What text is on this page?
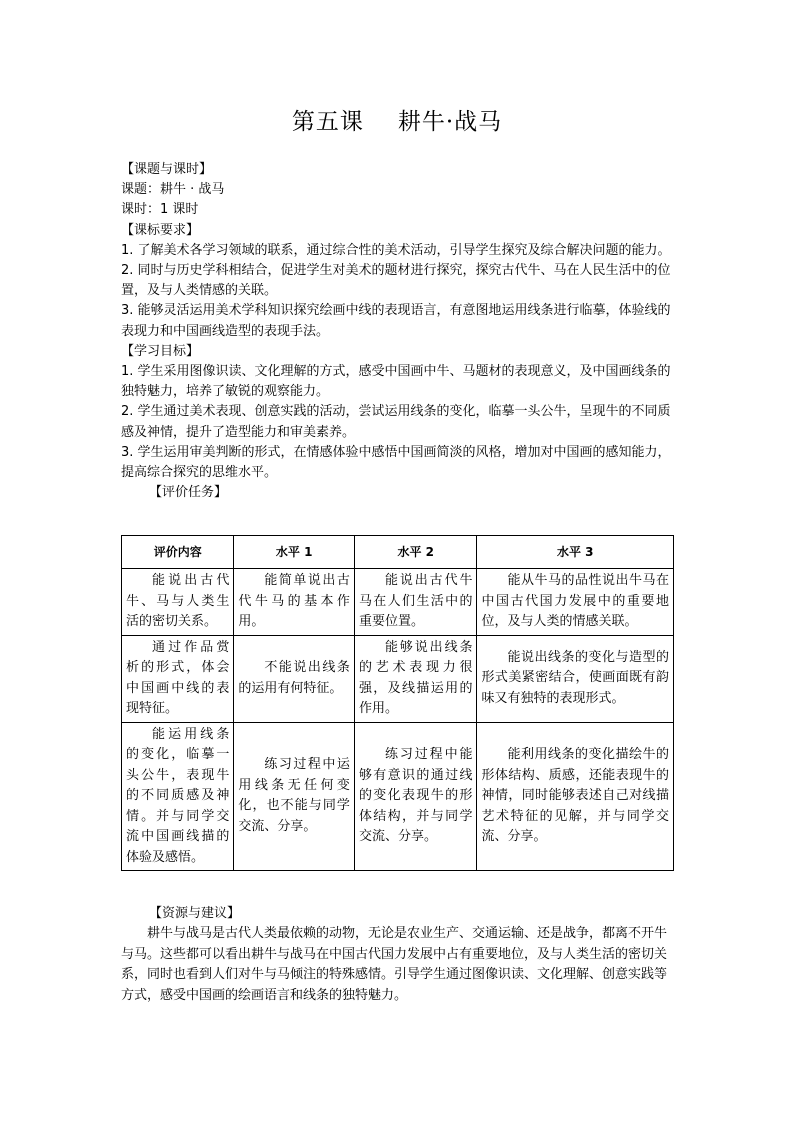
第五课 耕牛·战马

【课题与课时】

课题：耕牛 · 战马

课时：1 课时

【课标要求】

1. 了解美术各学习领域的联系，通过综合性的美术活动，引导学生探究及综合解决问题的能力。

2. 同时与历史学科相结合，促进学生对美术的题材进行探究，探究古代牛、马在人民生活中的位置，及与人类情感的关联。

3. 能够灵活运用美术学科知识探究绘画中线的表现语言，有意图地运用线条进行临摹，体验线的表现力和中国画线造型的表现手法。

【学习目标】

1. 学生采用图像识读、文化理解的方式，感受中国画中牛、马题材的表现意义，及中国画线条的独特魅力，培养了敏锐的观察能力。

2. 学生通过美术表现、创意实践的活动，尝试运用线条的变化，临摹一头公牛，呈现牛的不同质感及神情，提升了造型能力和审美素养。

3. 学生运用审美判断的形式，在情感体验中感悟中国画简淡的风格，增加对中国画的感知能力，提高综合探究的思维水平。

【评价任务】

评价内容	水平 1	水平 2	水平 3
能说出古代牛、马与人类生活的密切关系。	能简单说出古代牛马的基本作用。	能说出古代牛马在人们生活中的重要位置。	能从牛马的品性说出牛马在中国古代国力发展中的重要地位，及与人类的情感关联。
通过作品赏析的形式，体会中国画中线的表现特征。	不能说出线条的运用有何特征。	能够说出线条的艺术表现力很强，及线描运用的作用。	能说出线条的变化与造型的形式美紧密结合，使画面既有韵味又有独特的表现形式。
能运用线条的变化，临摹一头公牛，表现牛的不同质感及神情。并与同学交流中国画线描的体验及感悟。	练习过程中运用线条无任何变化，也不能与同学交流、分享。	练习过程中能够有意识的通过线的变化表现牛的形体结构，并与同学交流、分享。	能利用线条的变化描绘牛的形体结构、质感，还能表现牛的神情，同时能够表述自己对线描艺术特征的见解，并与同学交流、分享。

【资源与建议】

耕牛与战马是古代人类最依赖的动物，无论是农业生产、交通运输、还是战争，都离不开牛与马。这些都可以看出耕牛与战马在中国古代国力发展中占有重要地位，及与人类生活的密切关系，同时也看到人们对牛与马倾注的特殊感情。引导学生通过图像识读、文化理解、创意实践等方式，感受中国画的绘画语言和线条的独特魅力。
